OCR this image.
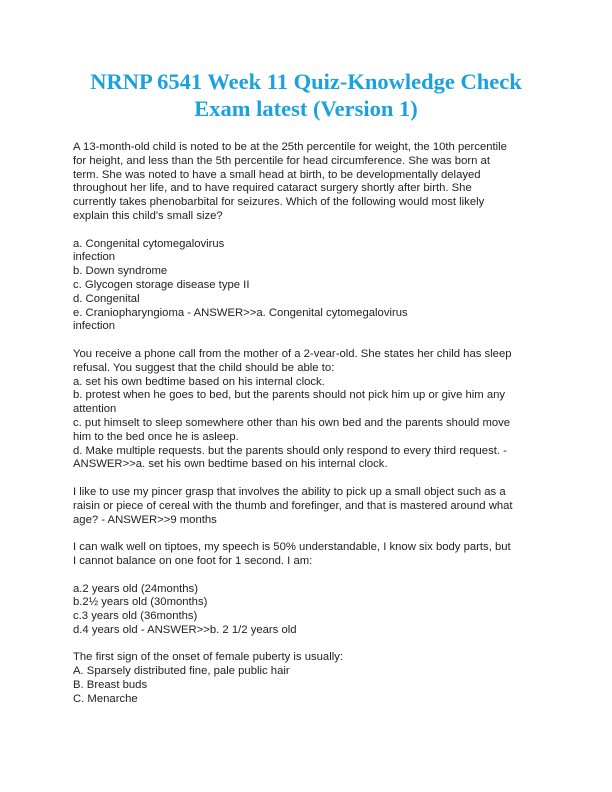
NRNP 6541 Week 11 Quiz-Knowledge Check
Exam latest (Version 1)
A 13-month-old child is noted to be at the 25th percentile for weight, the 10th percentile
for height, and less than the 5th percentile for head circumference. She was born at
term. She was noted to have a small head at birth, to be developmentally delayed
throughout her life, and to have required cataract surgery shortly after birth. She
currently takes phenobarbital for seizures. Which of the following would most likely
explain this child's small size?
a. Congenital cytomegalovirus
infection
b. Down syndrome
c. Glycogen storage disease type II
d. Congenital
e. Craniopharyngioma - ANSWER>>a. Congenital cytomegalovirus
infection
You receive a phone call from the mother of a 2-vear-old. She states her child has sleep
refusal. You suggest that the child should be able to:
a. set his own bedtime based on his internal clock.
b. protest when he goes to bed, but the parents should not pick him up or give him any
attention
c. put himselt to sleep somewhere other than his own bed and the parents should move
him to the bed once he is asleep.
d. Make multiple requests. but the parents should only respond to every third request. -
ANSWER>>a. set his own bedtime based on his internal clock.
I like to use my pincer grasp that involves the ability to pick up a small object such as a
raisin or piece of cereal with the thumb and forefinger, and that is mastered around what
age? - ANSWER>>9 months
I can walk well on tiptoes, my speech is 50% understandable, I know six body parts, but
I cannot balance on one foot for 1 second. I am:
a.2 years old (24months)
b.2½ years old (30months)
c.3 years old (36months)
d.4 years old - ANSWER>>b. 2 1/2 years old
The first sign of the onset of female puberty is usually:
A. Sparsely distributed fine, pale public hair
B. Breast buds
C. Menarche
